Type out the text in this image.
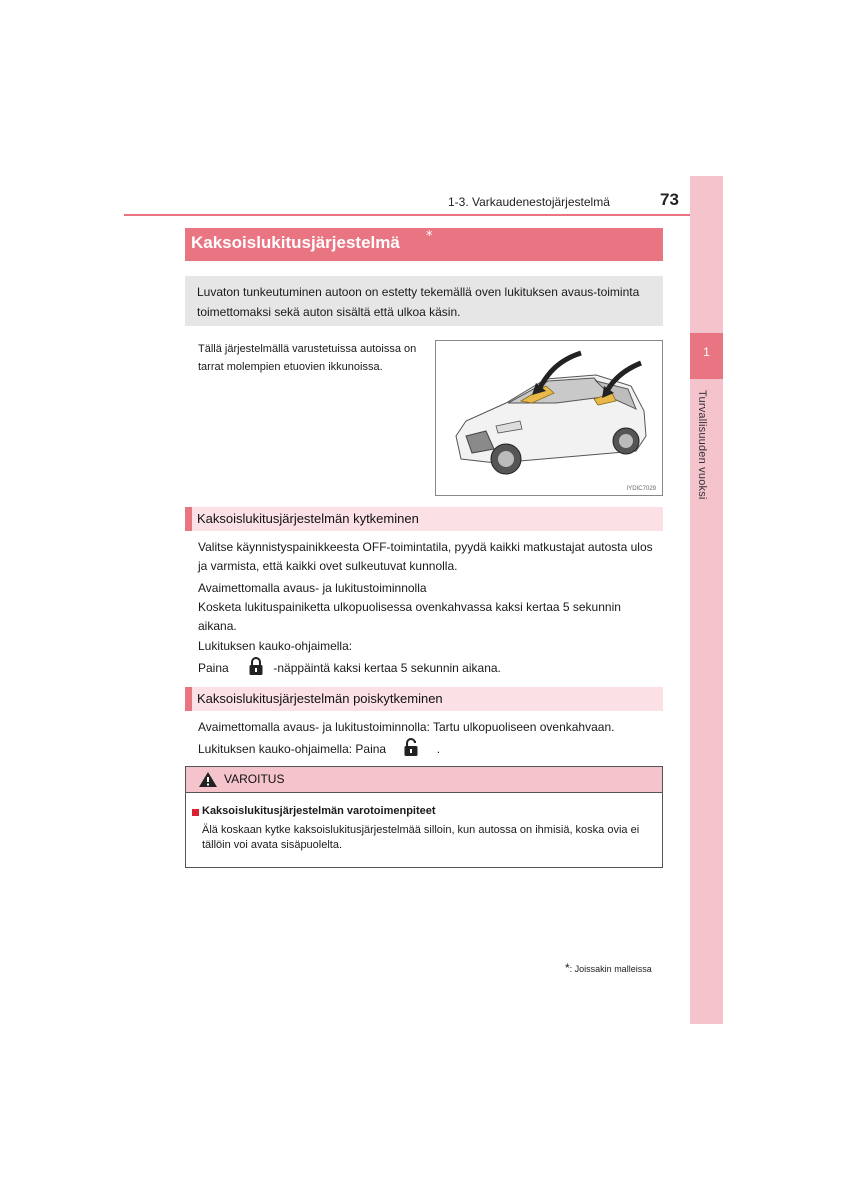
1
Turvallisuuden vuoksi
1-3. Varkaudenestojärjestelmä	73
Kaksoislukitusjärjestelmä *
Luvaton tunkeutuminen autoon on estetty tekemällä oven lukituksen avaus-toiminta toimettomaksi sekä auton sisältä että ulkoa käsin.
Tällä järjestelmällä varustetuissa autoissa on tarrat molempien etuovien ikkunoissa.
IYDIC7029
Kaksoislukitusjärjestelmän kytkeminen
Valitse käynnistyspainikkeesta OFF-toimintatila, pyydä kaikki matkustajat autosta ulos ja varmista, että kaikki ovet sulkeutuvat kunnolla.
Avaimettomalla avaus- ja lukitustoiminnolla
Kosketa lukituspainiketta ulkopuolisessa ovenkahvassa kaksi kertaa 5 sekunnin aikana.
Lukituksen kauko-ohjaimella:
Paina	-näppäintä kaksi kertaa 5 sekunnin aikana.
Kaksoislukitusjärjestelmän poiskytkeminen
Avaimettomalla avaus- ja lukitustoiminnolla: Tartu ulkopuoliseen ovenkahvaan.
Lukituksen kauko-ohjaimella: Paina	.
VAROITUS
Kaksoislukitusjärjestelmän varotoimenpiteet
Älä koskaan kytke kaksoislukitusjärjestelmää silloin, kun autossa on ihmisiä, koska ovia ei tällöin voi avata sisäpuolelta.
*: Joissakin malleissa
